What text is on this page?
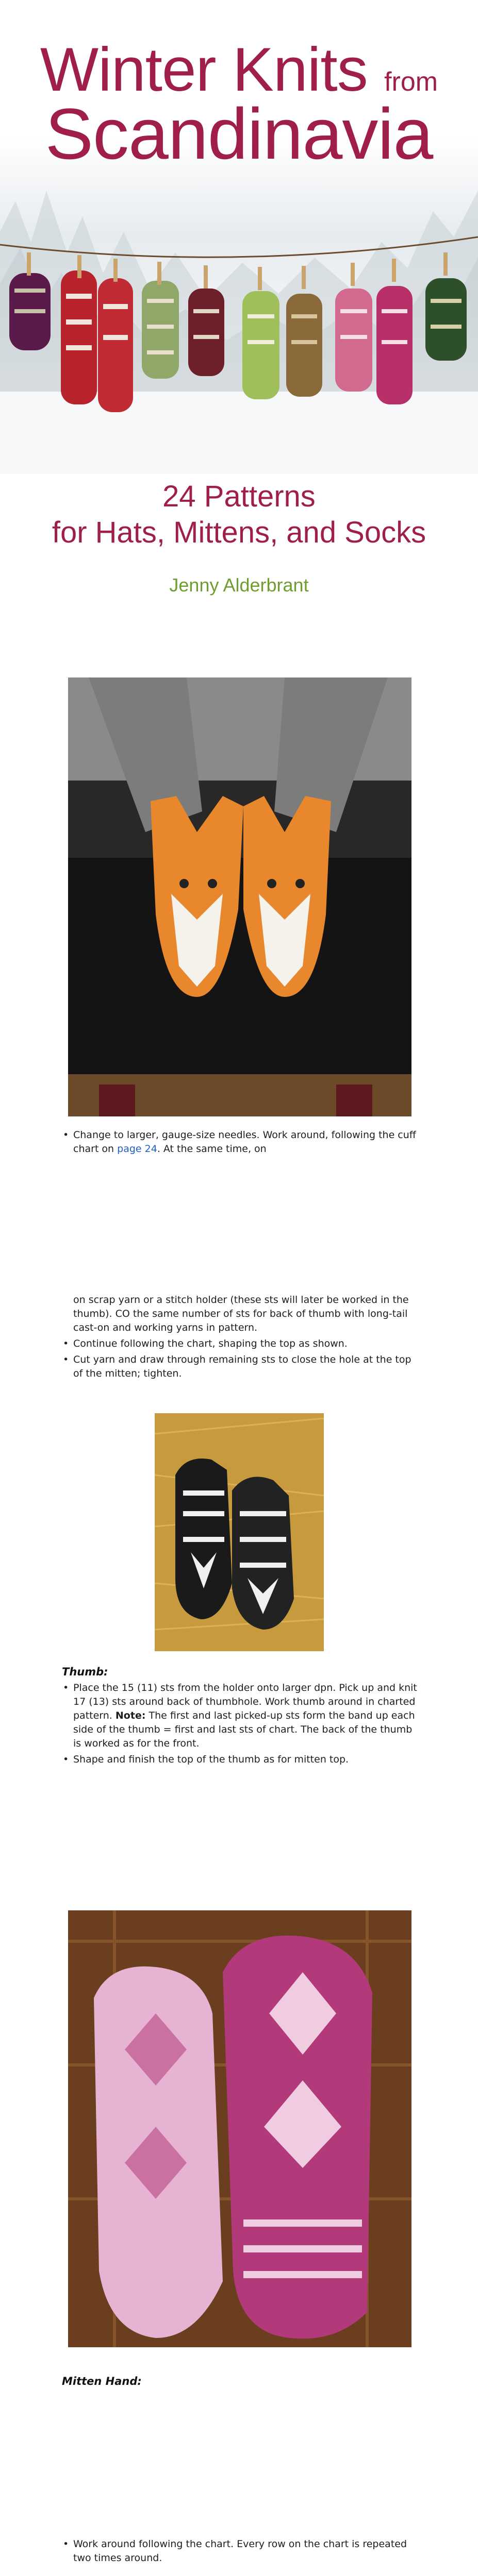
Winter Knits from
Scandinavia
24 Patterns
for Hats, Mittens, and Socks
Jenny Alderbrant
• Change to larger, gauge-size needles. Work around, following the cuff chart on page 24. At the same time, on
on scrap yarn or a stitch holder (these sts will later be worked in the thumb). CO the same number of sts for back of thumb with long-tail cast-on and working yarns in pattern.
• Continue following the chart, shaping the top as shown.
• Cut yarn and draw through remaining sts to close the hole at the top of the mitten; tighten.
Thumb:
• Place the 15 (11) sts from the holder onto larger dpn. Pick up and knit 17 (13) sts around back of thumbhole. Work thumb around in charted pattern. Note: The first and last picked-up sts form the band up each side of the thumb = first and last sts of chart. The back of the thumb is worked as for the front.
• Shape and finish the top of the thumb as for mitten top.
Mitten Hand:
• Work around following the chart. Every row on the chart is repeated two times around.
